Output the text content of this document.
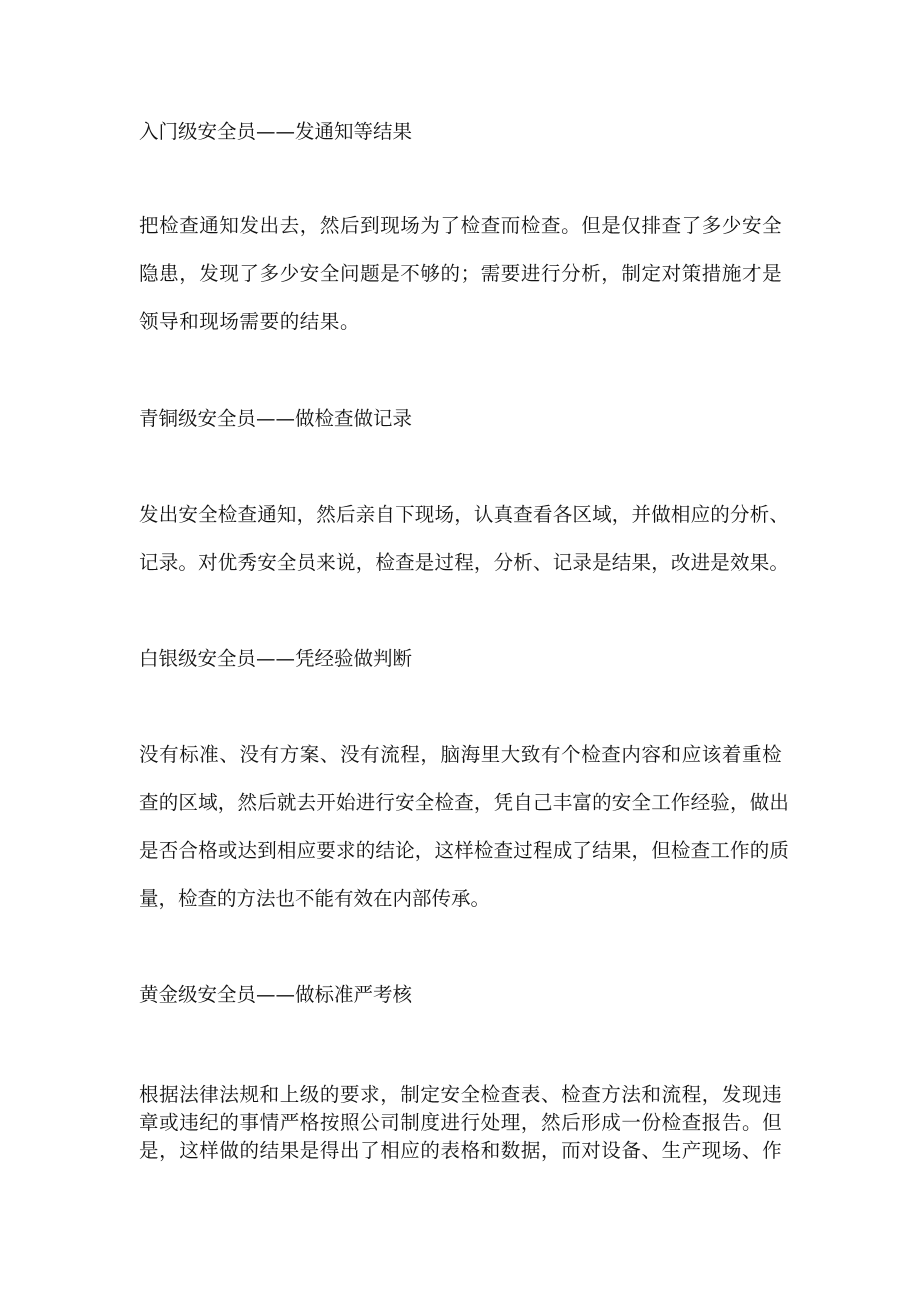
入门级安全员——发通知等结果

把检查通知发出去，然后到现场为了检查而检查。但是仅排查了多少安全

隐患，发现了多少安全问题是不够的；需要进行分析，制定对策措施才是

领导和现场需要的结果。

青铜级安全员——做检查做记录

发出安全检查通知，然后亲自下现场，认真查看各区域，并做相应的分析、

记录。对优秀安全员来说，检查是过程，分析、记录是结果，改进是效果。

白银级安全员——凭经验做判断

没有标准、没有方案、没有流程，脑海里大致有个检查内容和应该着重检

查的区域，然后就去开始进行安全检查，凭自己丰富的安全工作经验，做出

是否合格或达到相应要求的结论，这样检查过程成了结果，但检查工作的质

量，检查的方法也不能有效在内部传承。

黄金级安全员——做标准严考核

根据法律法规和上级的要求，制定安全检查表、检查方法和流程，发现违

章或违纪的事情严格按照公司制度进行处理，然后形成一份检查报告。但

是，这样做的结果是得出了相应的表格和数据，而对设备、生产现场、作
